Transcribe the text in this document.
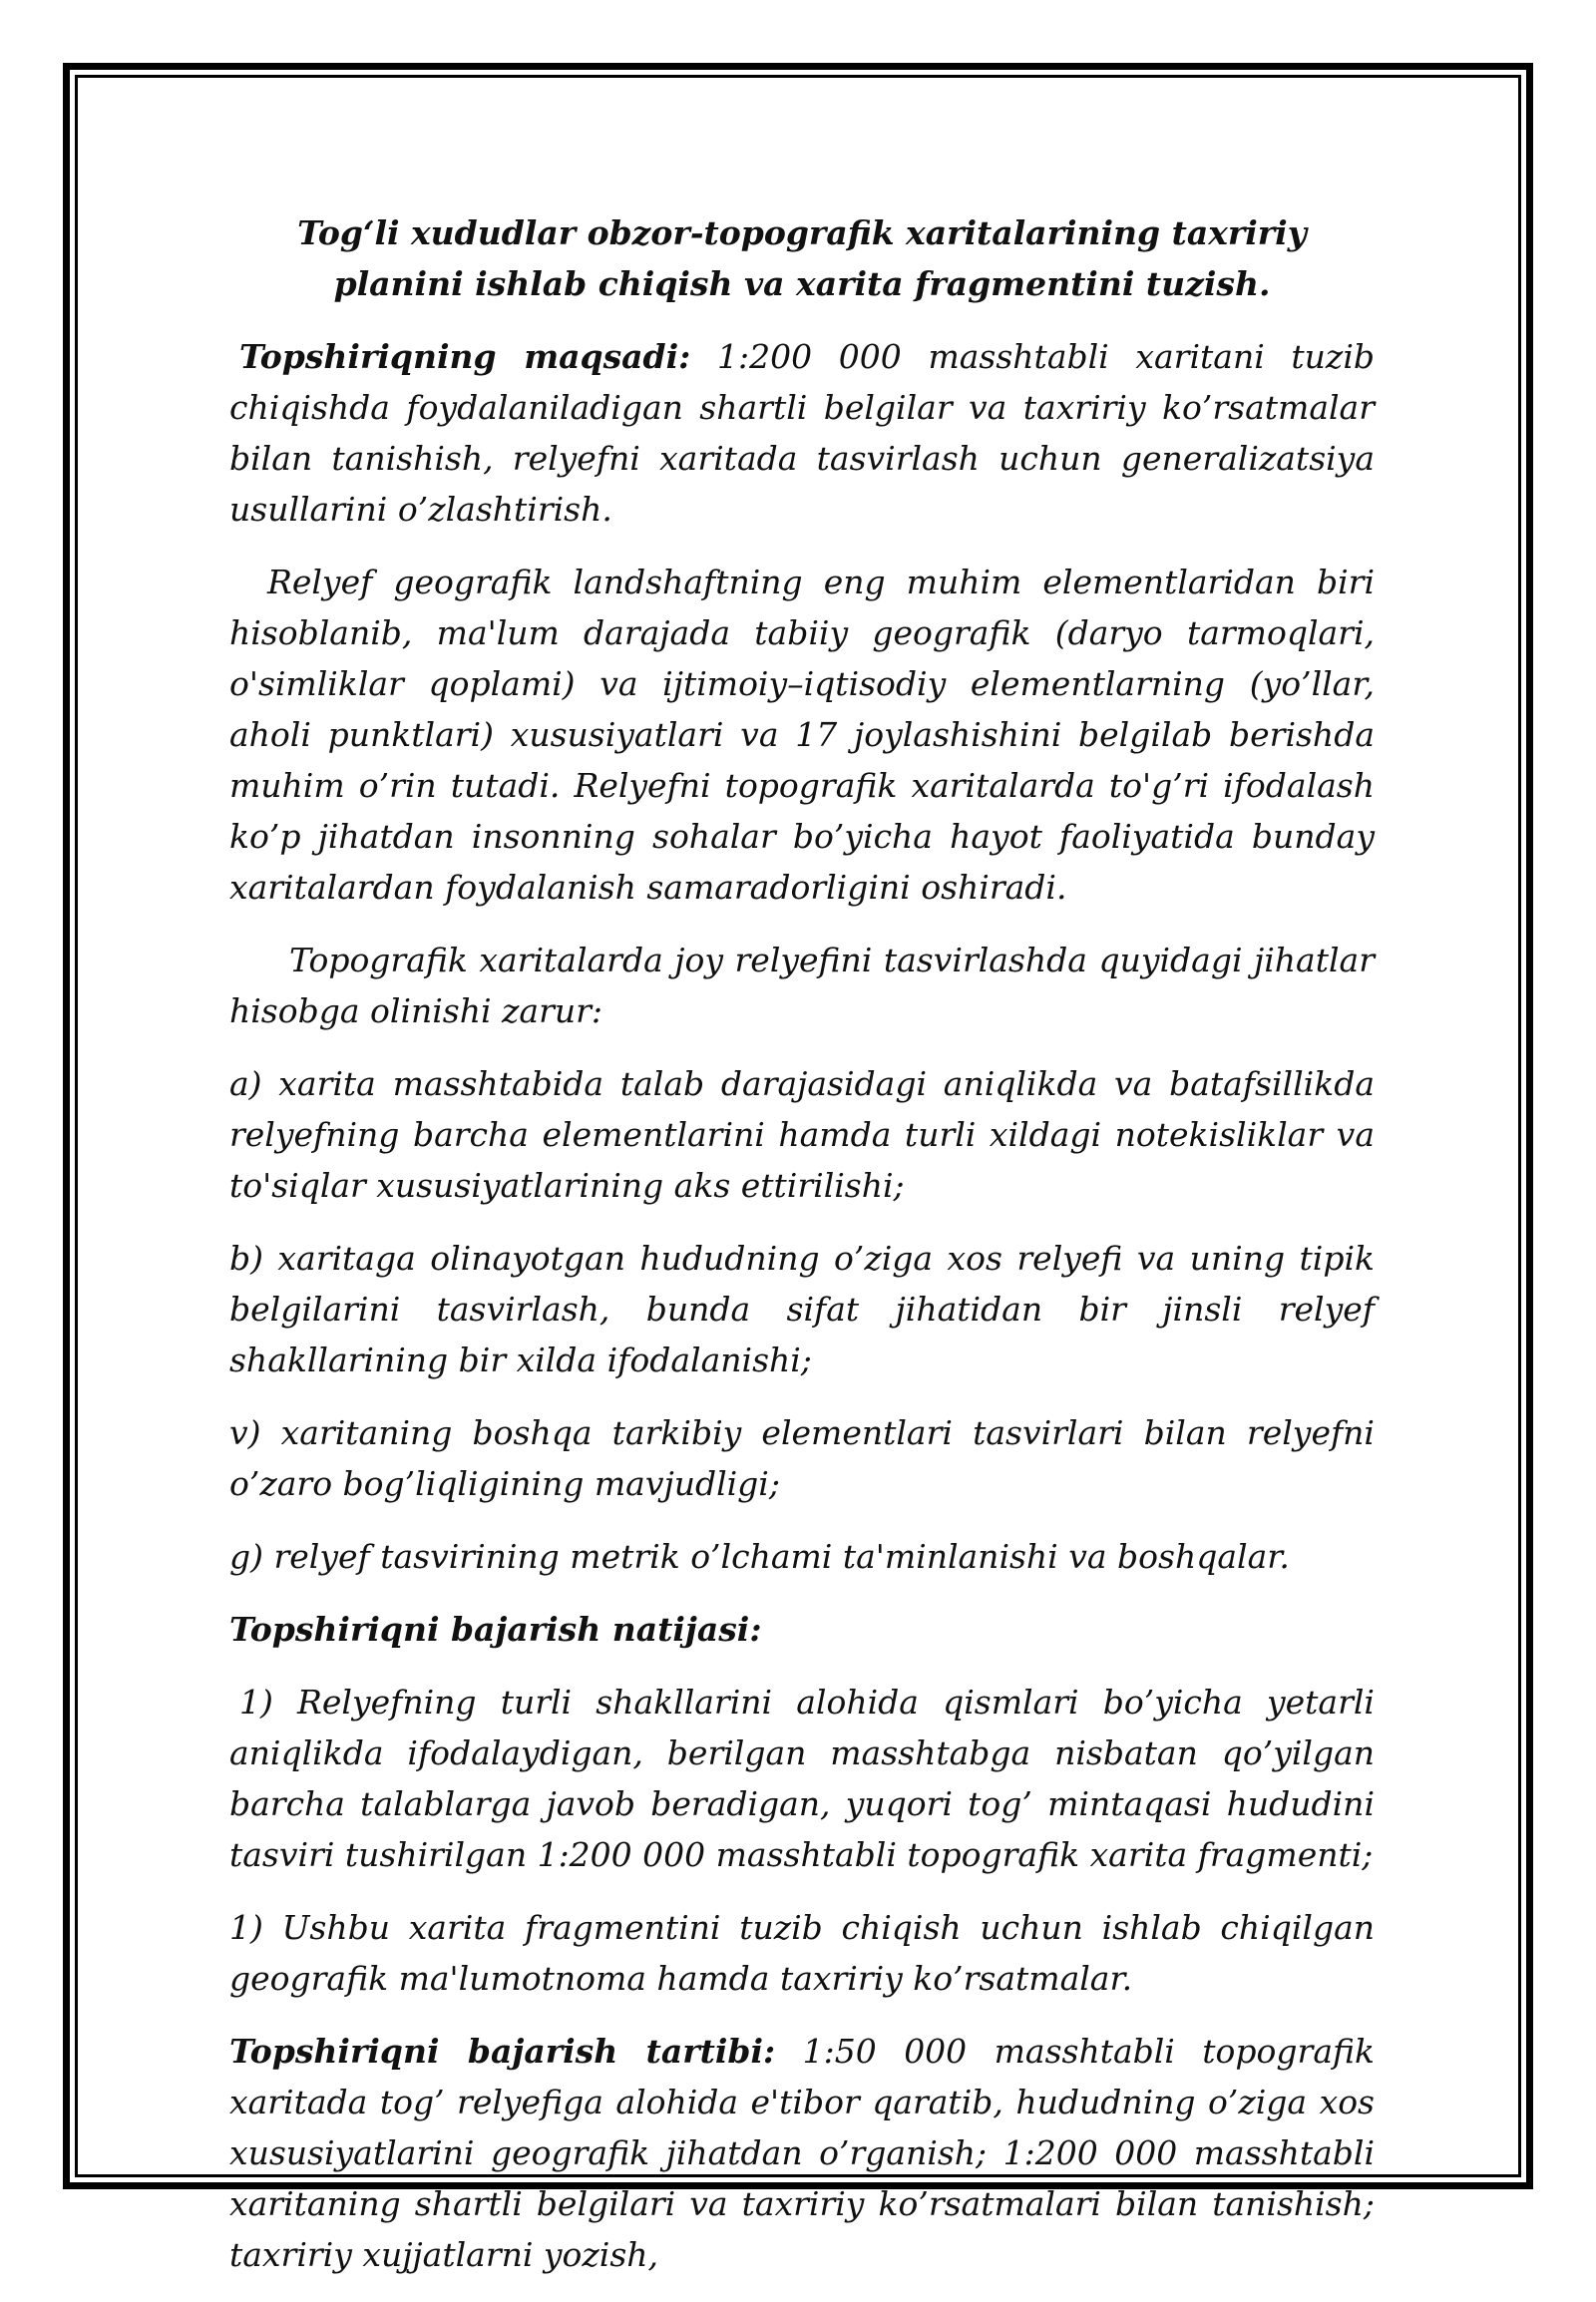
Tog‘li xududlar obzor-topografik xaritalarining taxririy planini ishlab chiqish va xarita fragmentini tuzish.

Topshiriqning maqsadi: 1:200 000 masshtabli xaritani tuzib chiqishda foydalaniladigan shartli belgilar va taxririy ko’rsatmalar bilan tanishish, relyefni xaritada tasvirlash uchun generalizatsiya usullarini o’zlashtirish.

Relyef geografik landshaftning eng muhim elementlaridan biri hisoblanib, ma'lum darajada tabiiy geografik (daryo tarmoqlari, o'simliklar qoplami) va ijtimoiy–iqtisodiy elementlarning (yo’llar, aholi punktlari) xususiyatlari va 17 joylashishini belgilab berishda muhim o’rin tutadi. Relyefni topografik xaritalarda to'g’ri ifodalash ko’p jihatdan insonning sohalar bo’yicha hayot faoliyatida bunday xaritalardan foydalanish samaradorligini oshiradi.

Topografik xaritalarda joy relyefini tasvirlashda quyidagi jihatlar hisobga olinishi zarur:

a) xarita masshtabida talab darajasidagi aniqlikda va batafsillikda relyefning barcha elementlarini hamda turli xildagi notekisliklar va to'siqlar xususiyatlarining aks ettirilishi;

b) xaritaga olinayotgan hududning o’ziga xos relyefi va uning tipik belgilarini tasvirlash, bunda sifat jihatidan bir jinsli relyef shakllarining bir xilda ifodalanishi;

v) xaritaning boshqa tarkibiy elementlari tasvirlari bilan relyefni o’zaro bog’liqligining mavjudligi;

g) relyef tasvirining metrik o’lchami ta'minlanishi va boshqalar.

Topshiriqni bajarish natijasi:

1) Relyefning turli shakllarini alohida qismlari bo’yicha yetarli aniqlikda ifodalaydigan, berilgan masshtabga nisbatan qo’yilgan barcha talablarga javob beradigan, yuqori tog’ mintaqasi hududini tasviri tushirilgan 1:200 000 masshtabli topografik xarita fragmenti;

1) Ushbu xarita fragmentini tuzib chiqish uchun ishlab chiqilgan geografik ma'lumotnoma hamda taxririy ko’rsatmalar.

Topshiriqni bajarish tartibi: 1:50 000 masshtabli topografik xaritada tog’ relyefiga alohida e'tibor qaratib, hududning o’ziga xos xususiyatlarini geografik jihatdan o’rganish; 1:200 000 masshtabli xaritaning shartli belgilari va taxririy ko’rsatmalari bilan tanishish; taxririy xujjatlarni yozish,
